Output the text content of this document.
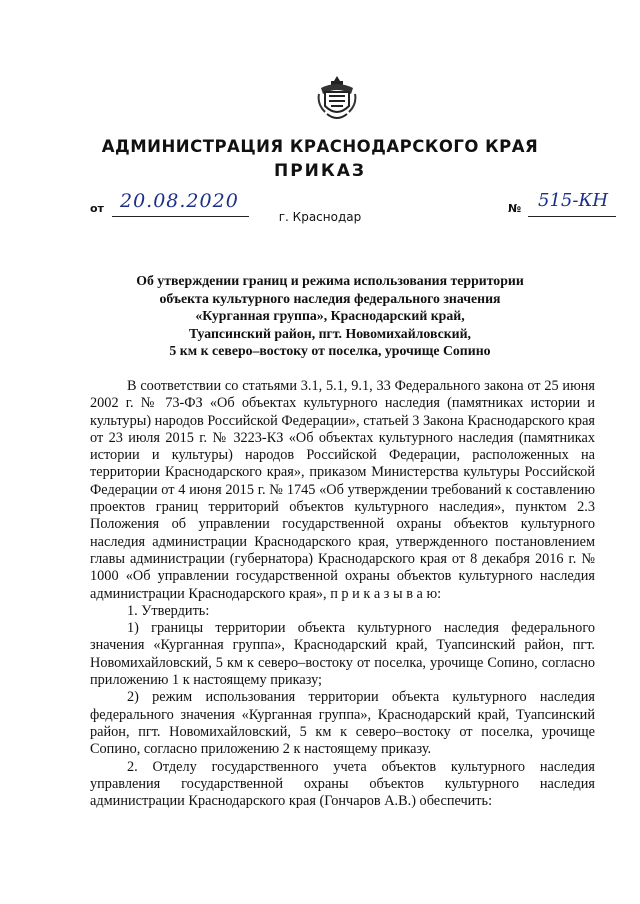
АДМИНИСТРАЦИЯ КРАСНОДАРСКОГО КРАЯ
ПРИКАЗ
от 20.08.2020	№ 515-КН
г. Краснодар
Об утверждении границ и режима использования территории
объекта культурного наследия федерального значения
«Курганная группа», Краснодарский край,
Туапсинский район, пгт. Новомихайловский,
5 км к северо–востоку от поселка, урочище Сопино
В соответствии со статьями 3.1, 5.1, 9.1, 33 Федерального закона от 25 июня 2002 г. № 73-ФЗ «Об объектах культурного наследия (памятниках истории и культуры) народов Российской Федерации», статьей 3 Закона Краснодарского края от 23 июля 2015 г. № 3223-КЗ «Об объектах культурного наследия (памятниках истории и культуры) народов Российской Федерации, расположенных на территории Краснодарского края», приказом Министерства культуры Российской Федерации от 4 июня 2015 г. № 1745 «Об утверждении требований к составлению проектов границ территорий объектов культурного наследия», пунктом 2.3 Положения об управлении государственной охраны объектов культурного наследия администрации Краснодарского края, утвержденного постановлением главы администрации (губернатора) Краснодарского края от 8 декабря 2016 г. № 1000 «Об управлении государственной охраны объектов культурного наследия администрации Краснодарского края», п р и к а з ы в а ю:
1. Утвердить:
1) границы территории объекта культурного наследия федерального значения «Курганная группа», Краснодарский край, Туапсинский район, пгт. Новомихайловский, 5 км к северо–востоку от поселка, урочище Сопино, согласно приложению 1 к настоящему приказу;
2) режим использования территории объекта культурного наследия федерального значения «Курганная группа», Краснодарский край, Туапсинский район, пгт. Новомихайловский, 5 км к северо–востоку от поселка, урочище Сопино, согласно приложению 2 к настоящему приказу.
2. Отделу государственного учета объектов культурного наследия управления государственной охраны объектов культурного наследия администрации Краснодарского края (Гончаров А.В.) обеспечить:
